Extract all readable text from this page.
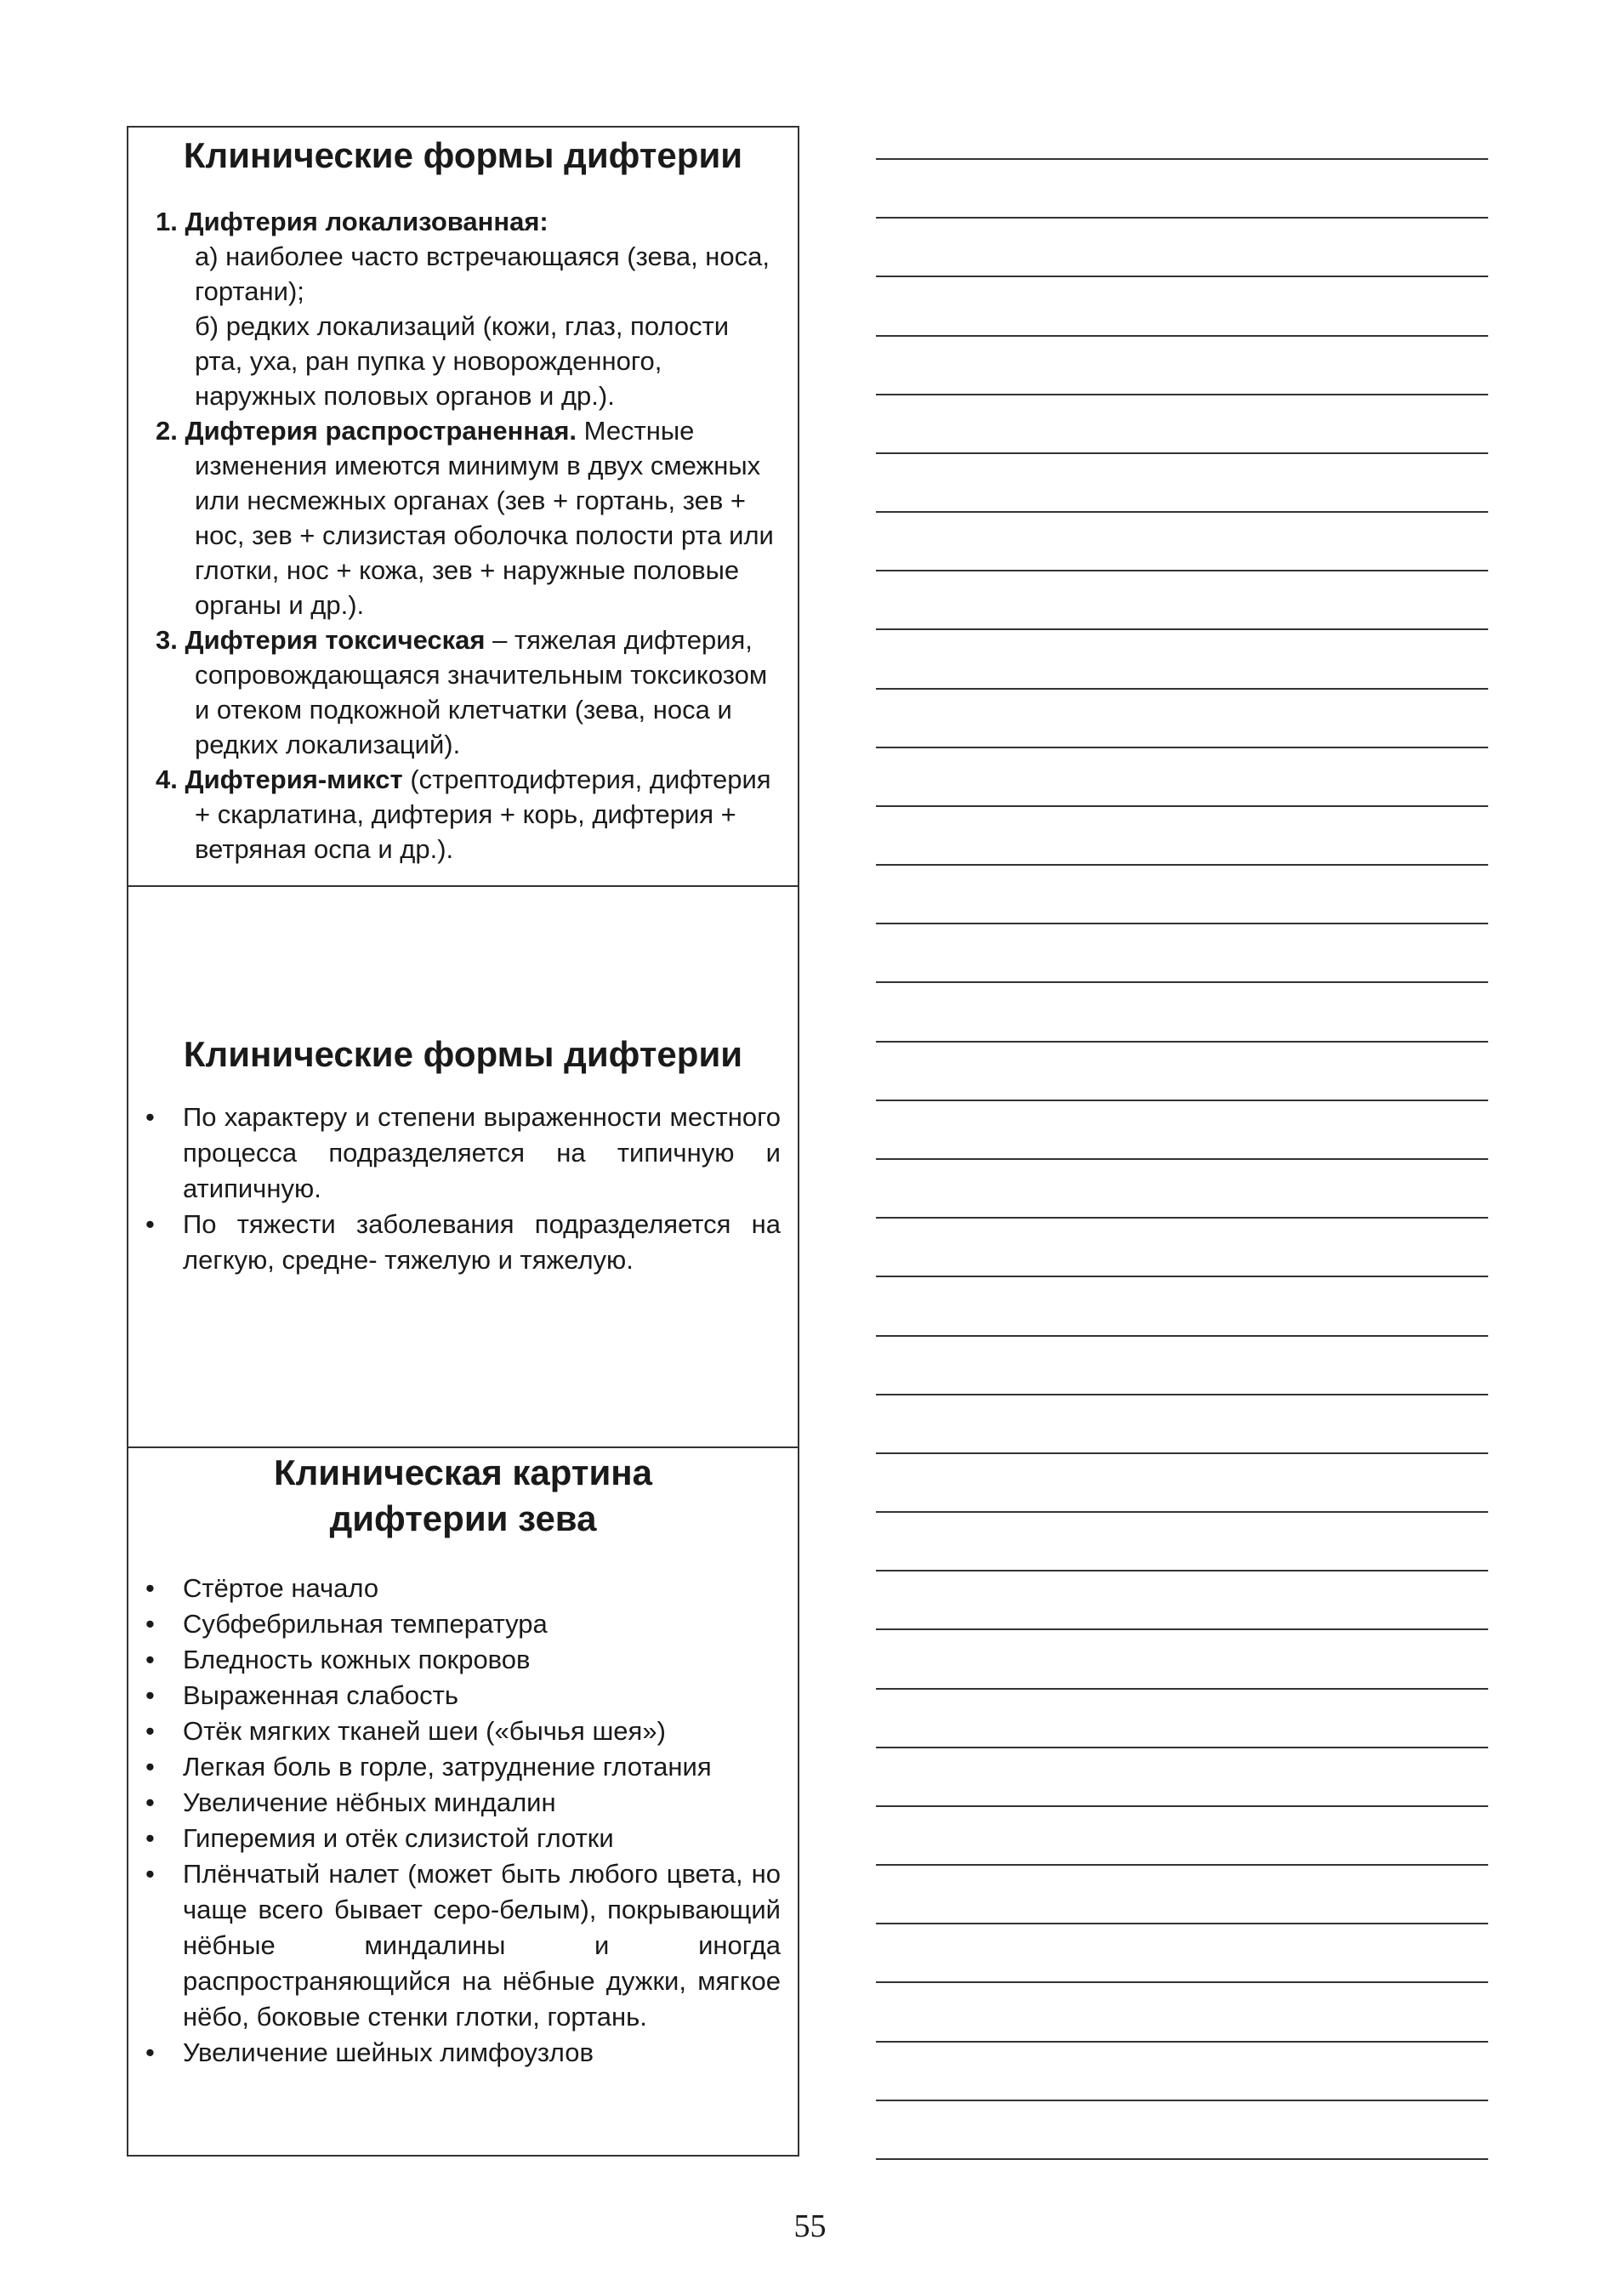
Клинические формы дифтерии
1. Дифтерия локализованная:
а) наиболее часто встречающаяся (зева, носа, гортани);
б) редких локализаций (кожи, глаз, полости рта, уха, ран пупка у новорожденного, наружных половых органов и др.).
2. Дифтерия распространенная. Местные изменения имеются минимум в двух смежных или несмежных органах (зев + гортань, зев + нос, зев + слизистая оболочка полости рта или глотки, нос + кожа, зев + наружные половые органы и др.).
3. Дифтерия токсическая – тяжелая дифтерия, сопровождающаяся значительным токсикозом и отеком подкожной клетчатки (зева, носа и редких локализаций).
4. Дифтерия-микст (стрептодифтерия, дифтерия + скарлатина, дифтерия + корь, дифтерия + ветряная оспа и др.).
Клинические формы дифтерии
•	По характеру и степени выраженности местного процесса подразделяется на типичную и атипичную.
•	По тяжести заболевания подразделяется на легкую, средне- тяжелую и тяжелую.
Клиническая картина
дифтерии зева
•	Стёртое начало
•	Субфебрильная температура
•	Бледность кожных покровов
•	Выраженная слабость
•	Отёк мягких тканей шеи («бычья шея»)
•	Легкая боль в горле, затруднение глотания
•	Увеличение нёбных миндалин
•	Гиперемия и отёк слизистой глотки
•	Плёнчатый налет (может быть любого цвета, но чаще всего бывает серо-белым), покрывающий нёбные миндалины и иногда распространяющийся на нёбные дужки, мягкое нёбо, боковые стенки глотки, гортань.
•	Увеличение шейных лимфоузлов
55
